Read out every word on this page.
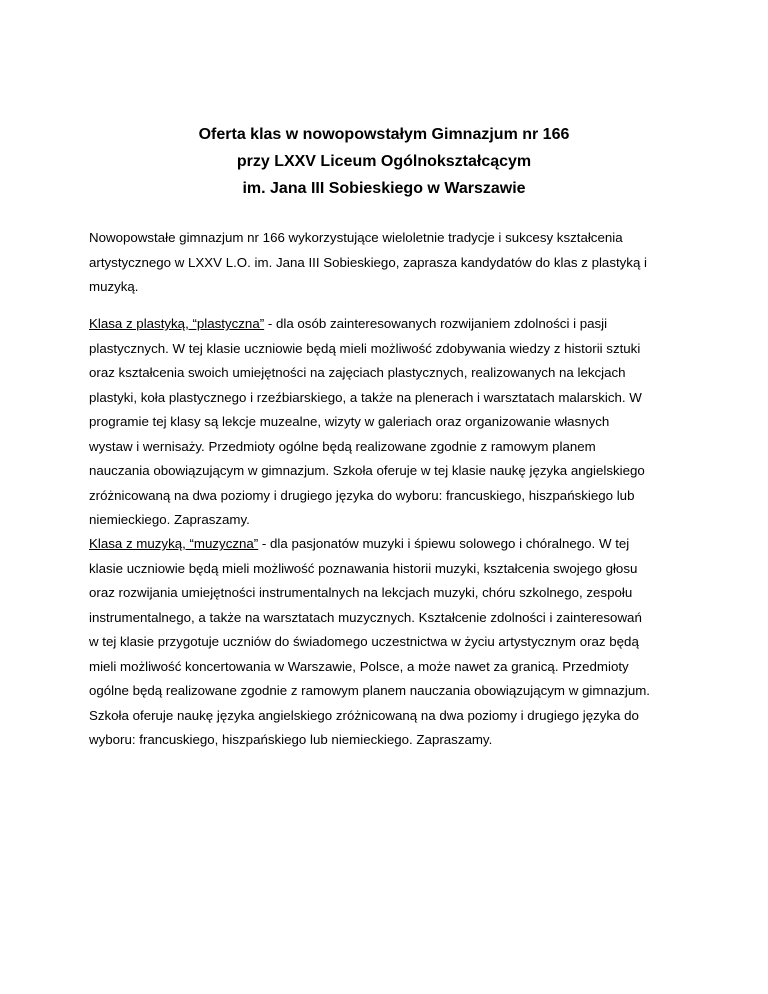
Oferta klas w nowopowstałym Gimnazjum nr 166

przy LXXV Liceum Ogólnokształcącym

im. Jana III Sobieskiego w Warszawie

Nowopowstałe gimnazjum nr 166 wykorzystujące wieloletnie tradycje i sukcesy kształcenia
artystycznego w LXXV L.O. im. Jana III Sobieskiego, zaprasza kandydatów do klas z plastyką i
muzyką.
Klasa z plastyką, “plastyczna” - dla osób zainteresowanych rozwijaniem zdolności i pasji
plastycznych. W tej klasie uczniowie będą mieli możliwość zdobywania wiedzy z historii sztuki
oraz kształcenia swoich umiejętności na zajęciach plastycznych, realizowanych na lekcjach
plastyki, koła plastycznego i rzeźbiarskiego, a także na plenerach i warsztatach malarskich. W
programie tej klasy są lekcje muzealne, wizyty w galeriach oraz organizowanie własnych
wystaw i wernisaży. Przedmioty ogólne będą realizowane zgodnie z ramowym planem
nauczania obowiązującym w gimnazjum. Szkoła oferuje w tej klasie naukę języka angielskiego
zróżnicowaną na dwa poziomy i drugiego języka do wyboru: francuskiego, hiszpańskiego lub
niemieckiego. Zapraszamy.
Klasa z muzyką, “muzyczna” - dla pasjonatów muzyki i śpiewu solowego i chóralnego. W tej
klasie uczniowie będą mieli możliwość poznawania historii muzyki, kształcenia swojego głosu
oraz rozwijania umiejętności instrumentalnych na lekcjach muzyki, chóru szkolnego, zespołu
instrumentalnego, a także na warsztatach muzycznych. Kształcenie zdolności i zainteresowań
w tej klasie przygotuje uczniów do świadomego uczestnictwa w życiu artystycznym oraz będą
mieli możliwość koncertowania w Warszawie, Polsce, a może nawet za granicą. Przedmioty
ogólne będą realizowane zgodnie z ramowym planem nauczania obowiązującym w gimnazjum.
Szkoła oferuje naukę języka angielskiego zróżnicowaną na dwa poziomy i drugiego języka do
wyboru: francuskiego, hiszpańskiego lub niemieckiego. Zapraszamy.
